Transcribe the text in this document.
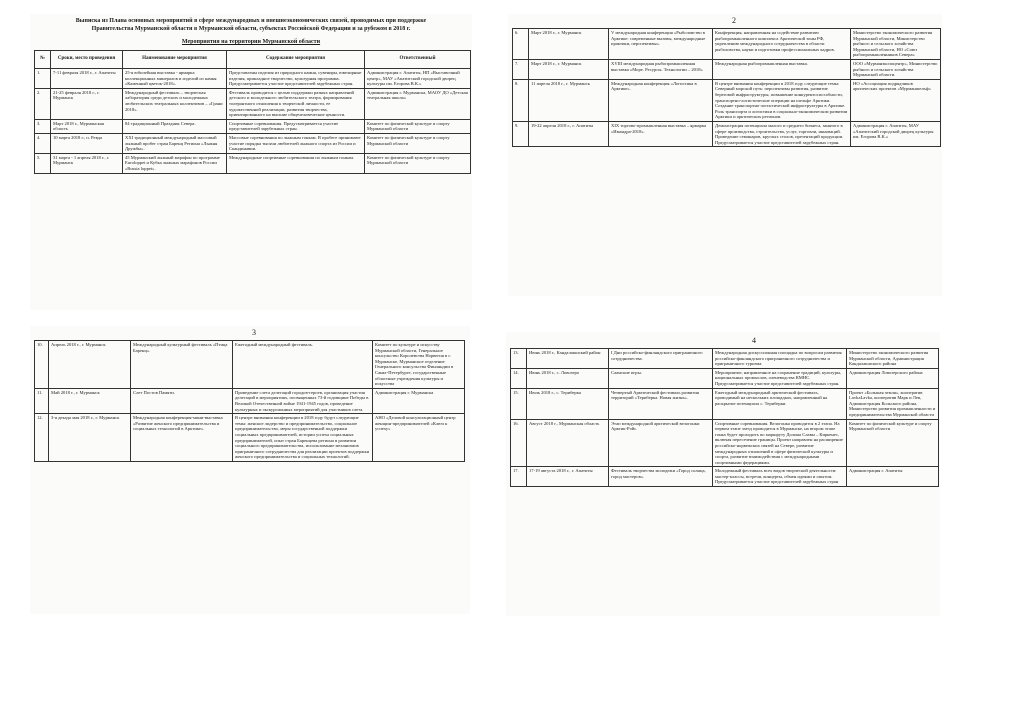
Выписка из Плана основных мероприятий в сфере международных и внешнеэкономических связей, проводимых при поддержке
Правительства Мурманской области в Мурманской области, субъектах Российской Федерации и за рубежом в 2018 г.
Мероприятия на территории Мурманской области
№	Сроки, место проведения	Наименование мероприятия	Содержание мероприятия	Ответственный
1.	7-11 февраля 2018 г., г. Апатиты	25-я юбилейная выставка - ярмарка коллекционных минералов и изделий из камня «Каменный цветок-2018».	Представлены изделия из природного камня, сувениры, ювелирные изделия, прикладное творчество, культурная программа. Предусматривается участие представителей зарубежных стран.	Администрация г. Апатиты, НП «Выставочный центр», МАУ «Апатитский городской дворец культуры им. Егорова В.К.»
2.	21-25 февраля 2018 г., г. Мурманск	Международный фестиваль – творческая лаборатория среди детских и молодежных любительских театральных коллективов – «Грани 2018».	Фестиваль проводится с целью поддержки разных направлений детского и молодежного любительского театра, формирования толерантного отношения к творческой личности, ее художественной реализации, развития творчества, ориентированного на высшие общечеловеческие ценности.	Администрация г. Мурманска, МАОУ ДО «Детская театральная школа»
3.	Март 2018 г., Мурманская область	84 традиционный Праздник Севера.	Спортивные соревнования. Предусматривается участие представителей зарубежных стран.	Комитет по физической культуре и спорту Мурманской области
4.	10 марта 2018 г., п. Ревда	XXI традиционный международный массовый лыжный пробег стран Баренц Региона «Лыжня Дружбы».	Массовые соревнования по лыжным гонкам. В пробеге принимают участие порядка тысячи любителей лыжного спорта из России и Скандинавии.	Комитет по физической культуре и спорту Мурманской области
5.	31 марта - 1 апреля 2018 г., г. Мурманск	45 Мурманский лыжный марафон по программе Euroloppet и Кубка лыжных марафонов России «Russia loppet».	Международные спортивные соревнования по лыжным гонкам.	Комитет по физической культуре и спорту Мурманской области
2
6.	Март 2018 г., г. Мурманск	V международная конференция «Рыболовство в Арктике: современные вызовы, международные практики, перспективы».	Конференция, направленная на содействие развитию рыбопромышленного комплекса Арктической зоны РФ, укреплению международного сотрудничества в области рыболовства, науки и подготовки профессиональных кадров.	Министерство экономического развития Мурманской области, Министерство рыбного и сельского хозяйства Мурманской области, НО «Союз рыбопромышленников Севера»
7.	Март 2018 г., г. Мурманск	XVIII международная рыбопромышленная выставка «Море. Ресурсы. Технологии – 2018»	Международная рыбопромышленная выставка.	ООО «Мурманэкспоцентр», Министерство рыбного и сельского хозяйства Мурманской области.
8.	11 апреля 2018 г., г. Мурманск	Международная конференция «Логистика в Арктике».	В центре внимания конференции в 2018 году следующие темы: Северный морской путь: перспективы развития, развитие береговой инфраструктуры, повышение конкурентоспособности, транспортно-логистические операции на шельфе Арктики. Создание транспортно-логистической инфраструктуры в Арктике. Роль транспорта и логистики в социально-экономическом развитии Арктики и арктических регионов.	НО «Ассоциация подрядчиков арктических проектов «Мурманшельф»
9.	19-22 апреля 2018 г., г. Апатиты	XIX торгово-промышленная выставка – ярмарка «Имандра-2018».	Демонстрация потенциала малого и среднего бизнеса, занятого в сфере производства, строительства, услуг, торговли, инноваций. Проведение семинаров, круглых столов, презентаций продукции. Предусматривается участие представителей зарубежных стран.	Администрация г. Апатиты, МАУ «Апатитский городской дворец культуры им. Егорова В.К.»
3
10.	Апрель 2018 г., г. Мурманск	Международный культурный фестиваль «Птица Баренц».	Ежегодный международный фестиваль.	Комитет по культуре и искусству Мурманской области, Генеральное консульство Королевства Норвегия в г. Мурманске, Мурманское отделение Генерального консульства Финляндии в Санкт-Петербурге, государственные областные учреждения культуры и искусства
11.	Май 2018 г., г. Мурманск	Слет Постов Памяти.	Проведение слета делегаций городов-героев, организация участия делегаций в мероприятиях, посвященных 73-й годовщине Победы в Великой Отечественной войне 1941-1945 годов, проведение культурных и экскурсионных мероприятий для участников слета.	Администрация г. Мурманска
12.	3-я декада мая 2018 г., г. Мурманск	Международная конференция-мини-выставка «Развитие женского предпринимательства и социальных технологий в Арктике».	В центре внимания конференции в 2018 году будут следующие темы: женское лидерство и предпринимательство, социальное предпринимательство, меры государственной поддержки социальных предпринимателей, истории успеха социальных предпринимателей, опыт стран Баренцева региона в развитии социального предпринимательства, использование механизмов приграничного сотрудничества для реализации проектов поддержки женского предпринимательства и социальных технологий.	АНО «Деловой консультационный центр женщин-предпринимателей «Ключ к успеху»
4
13.	Июнь 2018 г., Кандалакшский район	I Дни российско-финляндского приграничного сотрудничества.	Международная дискуссионная площадка по вопросам развития российско-финляндского приграничного сотрудничества и приграничного туризма.	Министерство экономического развития Мурманской области, Администрация Кандалакшского района
14.	Июнь 2018 г., с. Ловозеро	Саамские игры.	Мероприятие, направленное на сохранение традиций, культуры, национальных промыслов, оленеводства КМНС. Предусматривается участие представителей зарубежных стран.	Администрация Ловозерского района
15.	Июль 2018 г., с. Териберка	Четвертый Арктический фестиваль развития территорий «Териберка. Новая жизнь».	Ежегодный международный арктический фестиваль, проводимый на нескольких площадках, направленный на раскрытие потенциала с. Териберки.	Проект «Большая земля», кооператив LavkaLavka, кооператив Марк и Лев, Администрация Кольского района, Министерство развития промышленности и предпринимательства Мурманской области
16.	Август 2018 г., Мурманская область	Этап международной арктической велогонки Арктик-Рэйс.	Спортивные соревнования. Велогонка проводится в 2 этапа. На первом этапе заезд проводится в Мурманске, на втором этапе гонка будет проходить по маршруту Долина Славы – Киркенес, включая пересечение границы. Проект направлен на расширение российско-норвежских связей на Севере, развитие международных отношений в сфере физической культуры и спорта, развитие взаимодействия с международными спортивными федерациями.	Комитет по физической культуре и спорту Мурманской области
17.	17-19 августа 2018 г., г. Апатиты	Фестиваль творчества молодежи «Город солнца, город мастеров».	Молодежный фестиваль всех видов творческой деятельности: мастер-классы, встречи, концерты, обмен идеями и опытом. Предусматривается участие представителей зарубежных стран	Администрация г. Апатиты
